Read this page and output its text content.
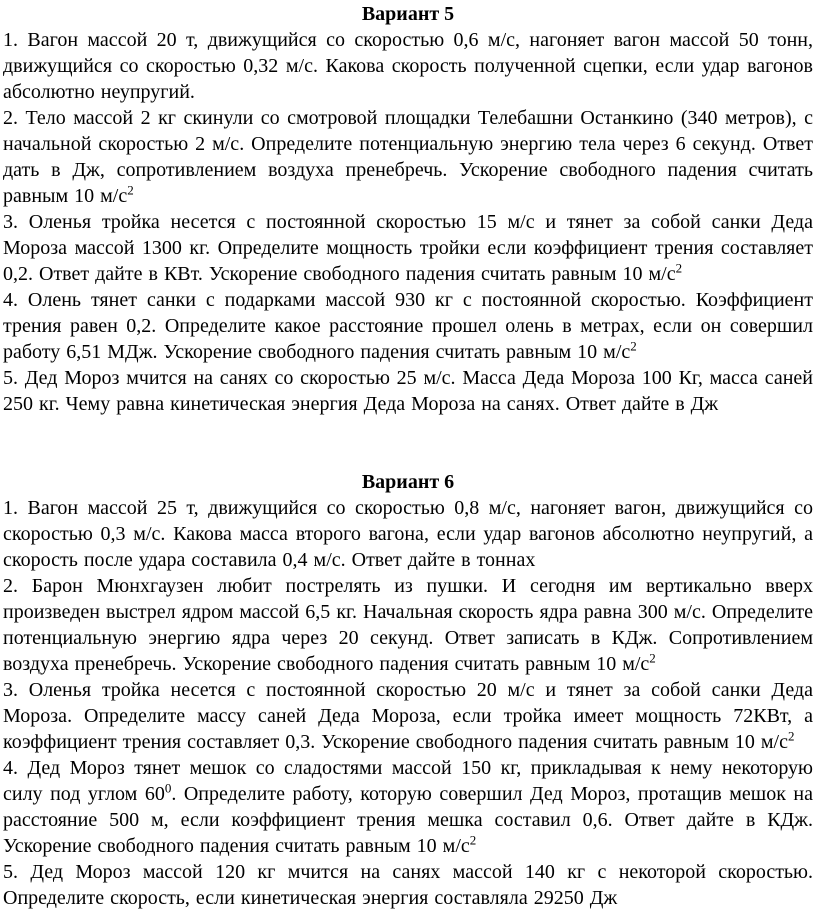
Вариант 5

1. Вагон массой 20 т, движущийся со скоростью 0,6 м/с, нагоняет вагон массой 50 тонн, движущийся со скоростью 0,32 м/с. Какова скорость полученной сцепки, если удар вагонов абсолютно неупругий.

2. Тело массой 2 кг скинули со смотровой площадки Телебашни Останкино (340 метров), с начальной скоростью 2 м/с. Определите потенциальную энергию тела через 6 секунд. Ответ дать в Дж, сопротивлением воздуха пренебречь. Ускорение свободного падения считать равным 10 $м/с^2$

3. Оленья тройка несется с постоянной скоростью 15 м/с и тянет за собой санки Деда Мороза массой 1300 кг. Определите мощность тройки если коэффициент трения составляет 0,2. Ответ дайте в КВт. Ускорение свободного падения считать равным 10 $м/с^2$

4. Олень тянет санки с подарками массой 930 кг с постоянной скоростью. Коэффициент трения равен 0,2. Определите какое расстояние прошел олень в метрах, если он совершил работу 6,51 МДж. Ускорение свободного падения считать равным 10 $м/с^2$

5. Дед Мороз мчится на санях со скоростью 25 м/с. Масса Деда Мороза 100 Кг, масса саней 250 кг. Чему равна кинетическая энергия Деда Мороза на санях. Ответ дайте в Дж

Вариант 6

1. Вагон массой 25 т, движущийся со скоростью 0,8 м/с, нагоняет вагон, движущийся со скоростью 0,3 м/с. Какова масса второго вагона, если удар вагонов абсолютно неупругий, а скорость после удара составила 0,4 м/с. Ответ дайте в тоннах

2. Барон Мюнхгаузен любит пострелять из пушки. И сегодня им вертикально вверх произведен выстрел ядром массой 6,5 кг. Начальная скорость ядра равна 300 м/с. Определите потенциальную энергию ядра через 20 секунд. Ответ записать в КДж. Сопротивлением воздуха пренебречь. Ускорение свободного падения считать равным 10 $м/с^2$

3. Оленья тройка несется с постоянной скоростью 20 м/с и тянет за собой санки Деда Мороза. Определите массу саней Деда Мороза, если тройка имеет мощность 72КВт, а коэффициент трения составляет 0,3. Ускорение свободного падения считать равным 10 $м/с^2$

4. Дед Мороз тянет мешок со сладостями массой 150 кг, прикладывая к нему некоторую силу под углом $60^0$. Определите работу, которую совершил Дед Мороз, протащив мешок на расстояние 500 м, если коэффициент трения мешка составил 0,6. Ответ дайте в КДж. Ускорение свободного падения считать равным 10 $м/с^2$

5. Дед Мороз массой 120 кг мчится на санях массой 140 кг с некоторой скоростью. Определите скорость, если кинетическая энергия составляла 29250 Дж
